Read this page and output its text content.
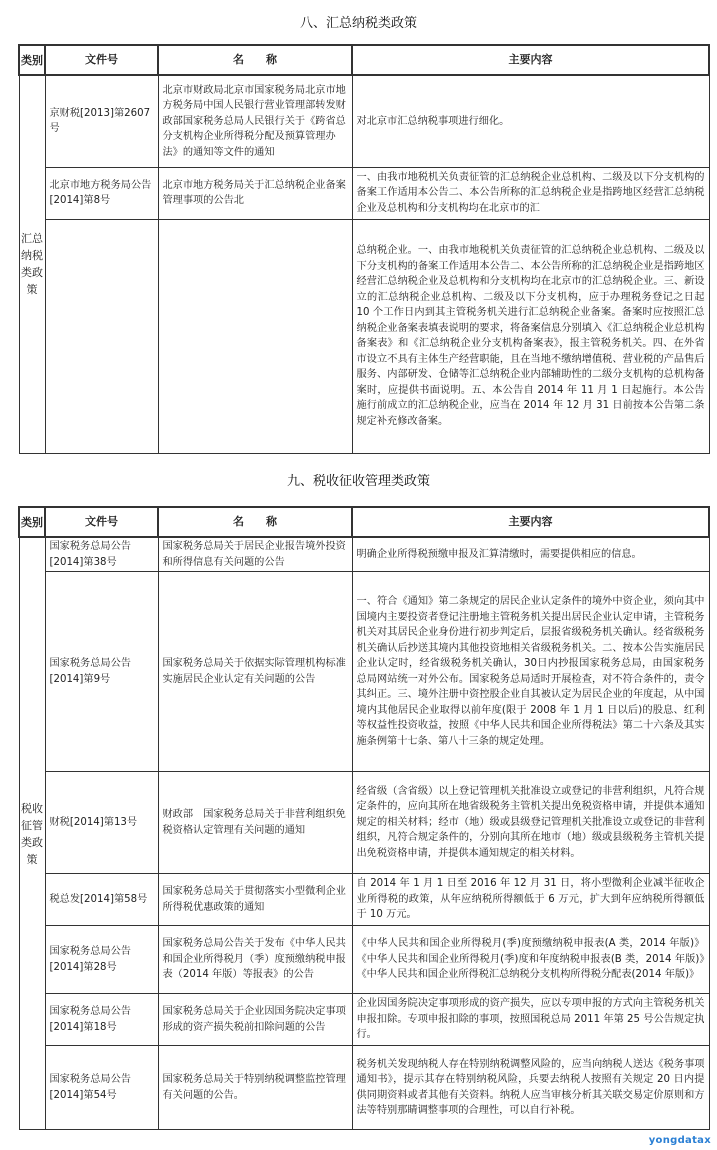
八、汇总纳税类政策
类别	文件号	名　　称	主要内容
汇总纳税类政策	京财税[2013]第2607号	北京市财政局北京市国家税务局北京市地方税务局中国人民银行营业管理部转发财政部国家税务总局人民银行关于《跨省总分支机构企业所得税分配及预算管理办法》的通知等文件的通知	对北京市汇总纳税事项进行细化。
	北京市地方税务局公告[2014]第8号	北京市地方税务局关于汇总纳税企业备案管理事项的公告北	一、由我市地税机关负责征管的汇总纳税企业总机构、二级及以下分支机构的备案工作适用本公告二、本公告所称的汇总纳税企业是指跨地区经营汇总纳税企业及总机构和分支机构均在北京市的汇
			总纳税企业。一、由我市地税机关负责征管的汇总纳税企业总机构、二级及以下分支机构的备案工作适用本公告二、本公告所称的汇总纳税企业是指跨地区经营汇总纳税企业及总机构和分支机构均在北京市的汇总纳税企业。三、新设立的汇总纳税企业总机构、二级及以下分支机构，应于办理税务登记之日起 10 个工作日内到其主管税务机关进行汇总纳税企业备案。备案时应按照汇总纳税企业备案表填表说明的要求，将备案信息分别填入《汇总纳税企业总机构备案表》和《汇总纳税企业分支机构备案表》，报主管税务机关。四、在外省市设立不具有主体生产经营职能，且在当地不缴纳增值税、营业税的产品售后服务、内部研发、仓储等汇总纳税企业内部辅助性的二级分支机构的总机构备案时，应提供书面说明。五、本公告自 2014 年 11 月 1 日起施行。本公告施行前成立的汇总纳税企业，应当在 2014 年 12 月 31 日前按本公告第二条规定补充修改备案。
九、税收征收管理类政策
类别	文件号	名　　称	主要内容
税收征管类政策	国家税务总局公告[2014]第38号	国家税务总局关于居民企业报告境外投资和所得信息有关问题的公告	明确企业所得税预缴申报及汇算清缴时，需要提供相应的信息。
	国家税务总局公告[2014]第9号	国家税务总局关于依据实际管理机构标准实施居民企业认定有关问题的公告	一、符合《通知》第二条规定的居民企业认定条件的境外中资企业，须向其中国境内主要投资者登记注册地主管税务机关提出居民企业认定申请，主管税务机关对其居民企业身份进行初步判定后，层报省级税务机关确认。经省级税务机关确认后抄送其境内其他投资地相关省级税务机关。二、按本公告实施居民企业认定时，经省级税务机关确认，30日内抄报国家税务总局，由国家税务总局网站统一对外公布。国家税务总局适时开展检查，对不符合条件的，责令其纠正。三、境外注册中资控股企业自其被认定为居民企业的年度起，从中国境内其他居民企业取得以前年度(限于 2008 年 1 月 1 日以后)的股息、红利等权益性投资收益，按照《中华人民共和国企业所得税法》第二十六条及其实施条例第十七条、第八十三条的规定处理。
	财税[2014]第13号	财政部　国家税务总局关于非营利组织免税资格认定管理有关问题的通知	经省级（含省级）以上登记管理机关批准设立或登记的非营利组织，凡符合规定条件的，应向其所在地省级税务主管机关提出免税资格申请，并提供本通知规定的相关材料；经市（地）级或县级登记管理机关批准设立或登记的非营利组织，凡符合规定条件的，分别向其所在地市（地）级或县级税务主管机关提出免税资格申请，并提供本通知规定的相关材料。
	税总发[2014]第58号	国家税务总局关于贯彻落实小型微利企业所得税优惠政策的通知	自 2014 年 1 月 1 日至 2016 年 12 月 31 日，将小型微利企业减半征收企业所得税的政策，从年应纳税所得额低于 6 万元，扩大到年应纳税所得额低于 10 万元。
	国家税务总局公告[2014]第28号	国家税务总局公告关于发布《中华人民共和国企业所得税月（季）度预缴纳税申报表（2014 年版）等报表》的公告	《中华人民共和国企业所得税月(季)度预缴纳税申报表(A 类，2014 年版)》《中华人民共和国企业所得税月(季)度和年度纳税申报表(B 类，2014 年版)》《中华人民共和国企业所得税汇总纳税分支机构所得税分配表(2014 年版)》
	国家税务总局公告[2014]第18号	国家税务总局关于企业因国务院决定事项形成的资产损失税前扣除问题的公告	企业因国务院决定事项形成的资产损失，应以专项申报的方式向主管税务机关申报扣除。专项申报扣除的事项，按照国税总局 2011 年第 25 号公告规定执行。
	国家税务总局公告[2014]第54号	国家税务总局关于特别纳税调整监控管理有关问题的公告。	税务机关发现纳税人存在特别纳税调整风险的，应当向纳税人送达《税务事项通知书》，提示其存在特别纳税风险，兵要去纳税人按照有关规定 20 日内提供同期资料或者其他有关资料。纳税人应当审核分析其关联交易定价原则和方法等特别那睛调整事项的合理性，可以自行补税。
yongdatax
